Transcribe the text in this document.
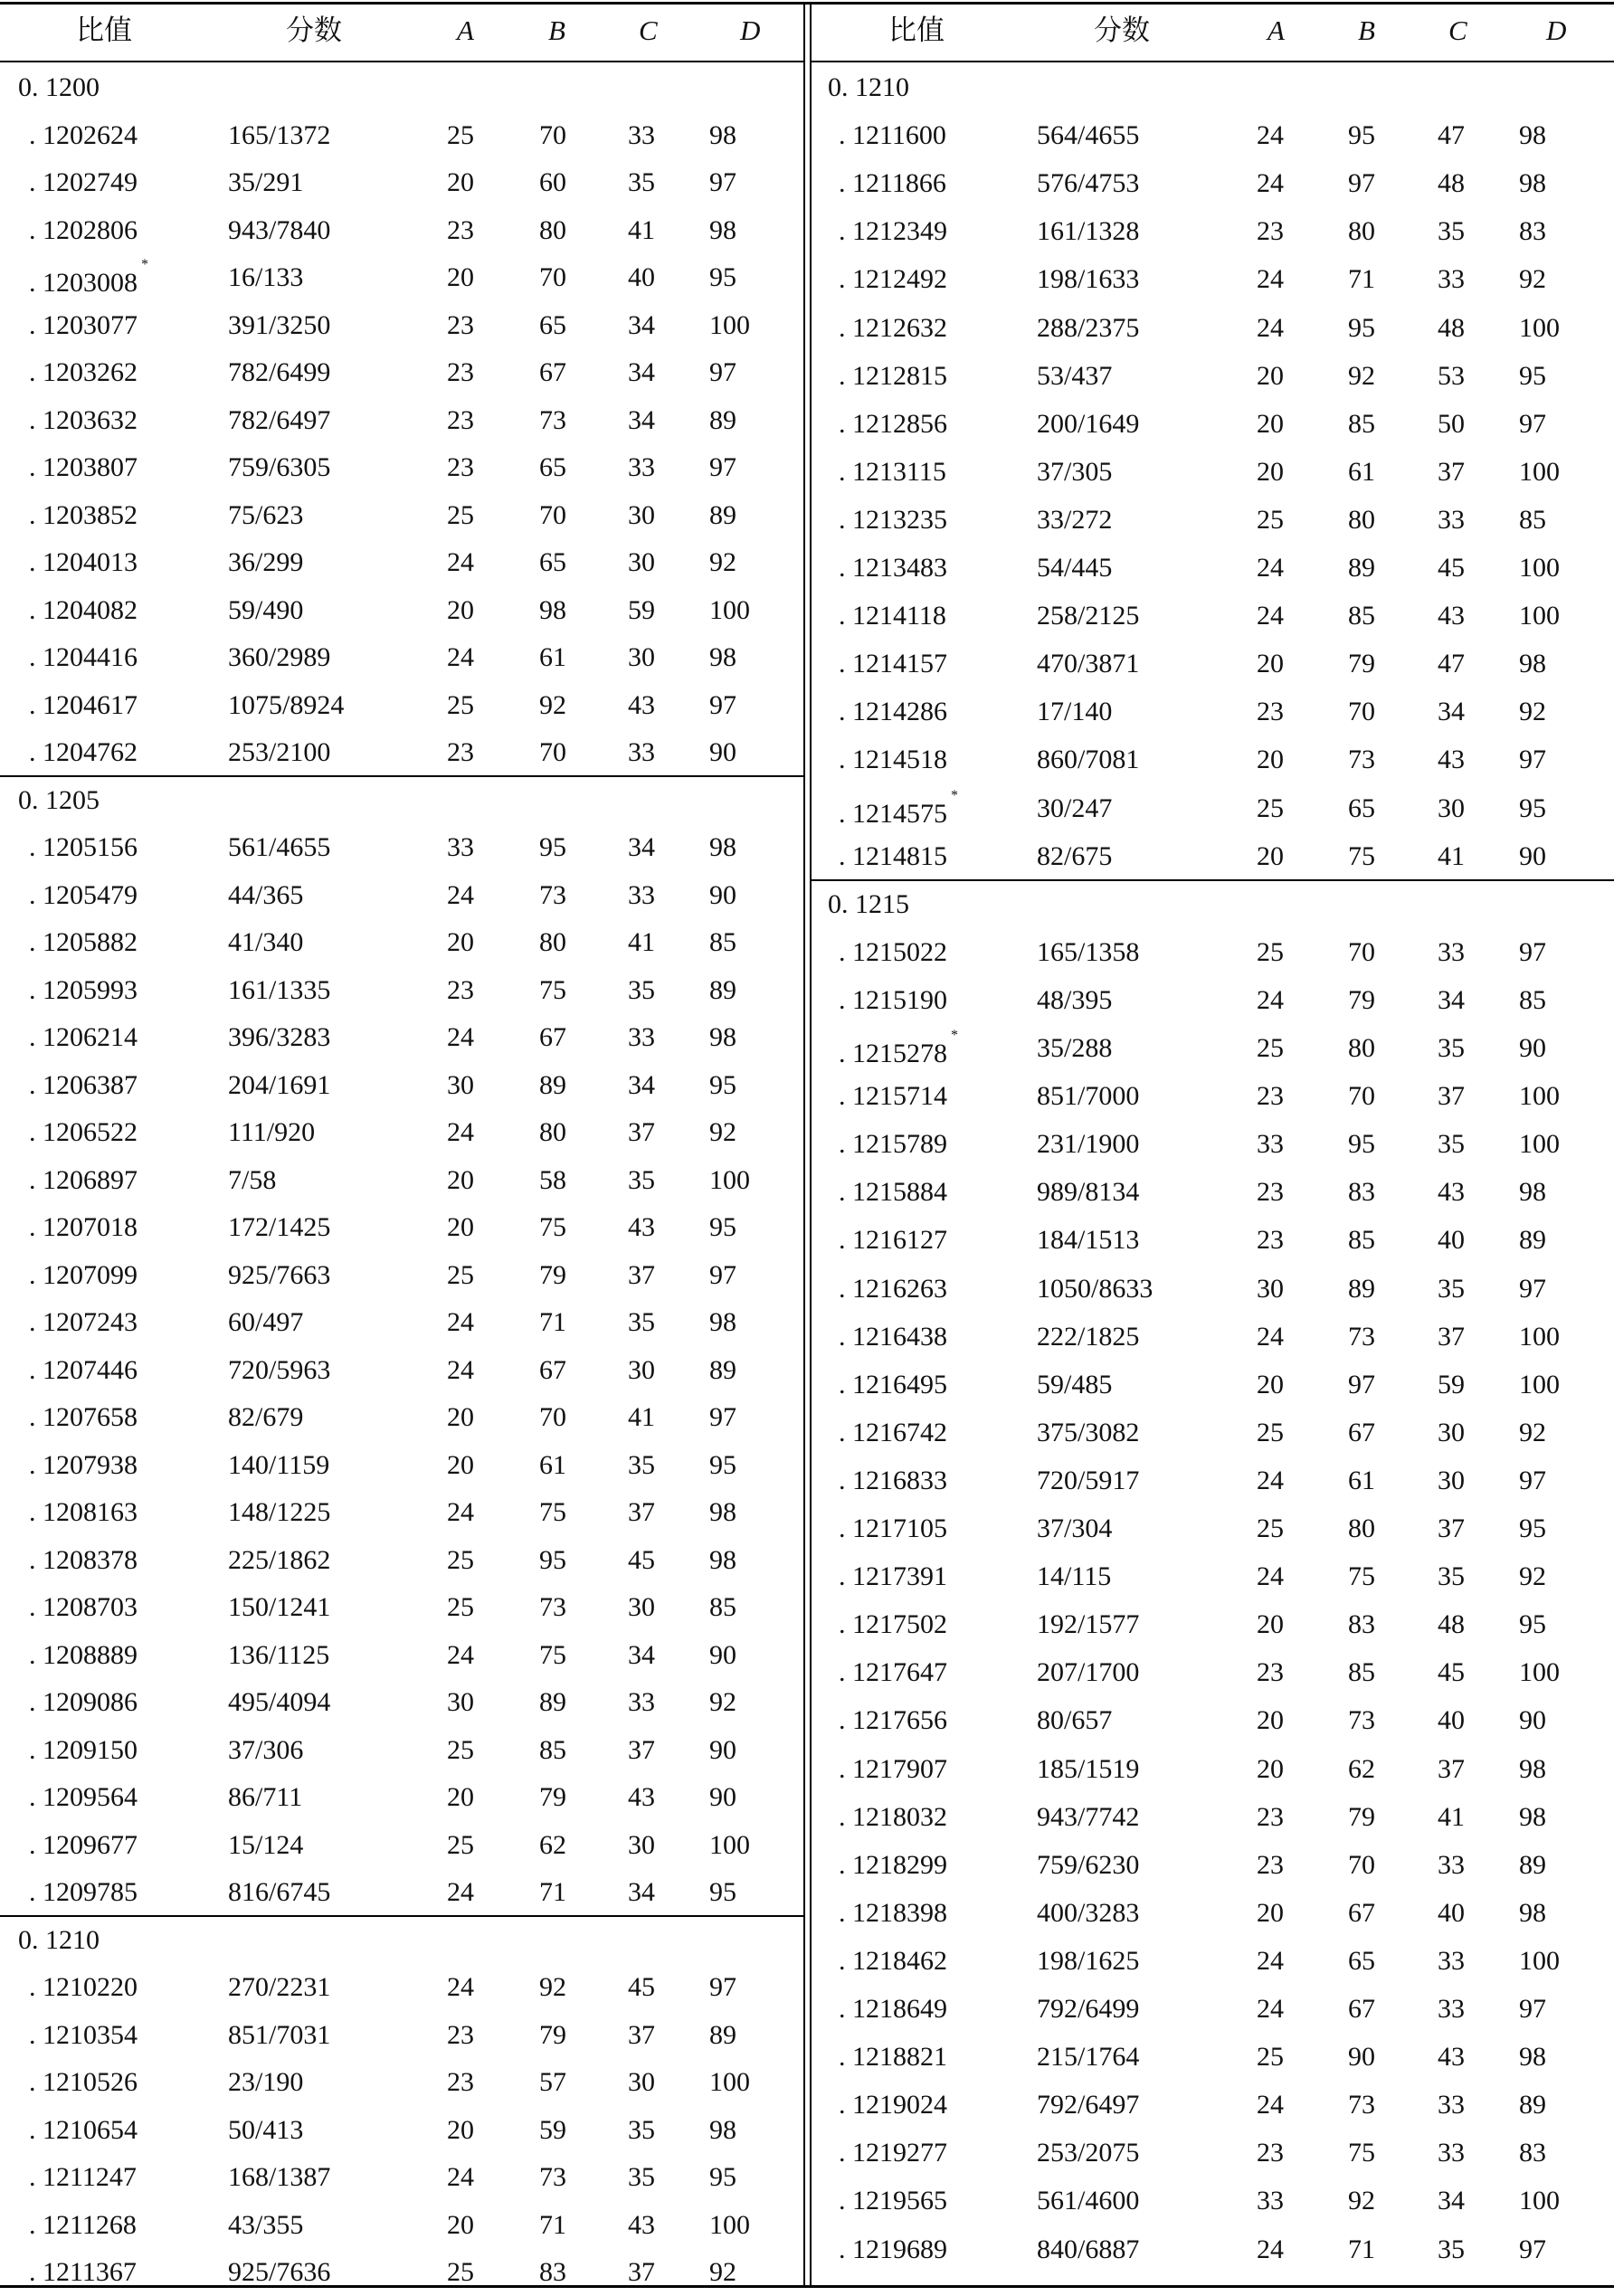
比值	分数	A	B	C	D
0. 1200
. 1202624	165/1372	25 70 33 98
. 1202749	35/291	20 60 35 97
. 1202806	943/7840	23 80 41 98
. 1203008*	16/133	20 70 40 95
. 1203077	391/3250	23 65 34 100
. 1203262	782/6499	23 67 34 97
. 1203632	782/6497	23 73 34 89
. 1203807	759/6305	23 65 33 97
. 1203852	75/623	25 70 30 89
. 1204013	36/299	24 65 30 92
. 1204082	59/490	20 98 59 100
. 1204416	360/2989	24 61 30 98
. 1204617	1075/8924	25 92 43 97
. 1204762	253/2100	23 70 33 90
0. 1205
. 1205156	561/4655	33 95 34 98
. 1205479	44/365	24 73 33 90
. 1205882	41/340	20 80 41 85
. 1205993	161/1335	23 75 35 89
. 1206214	396/3283	24 67 33 98
. 1206387	204/1691	30 89 34 95
. 1206522	111/920	24 80 37 92
. 1206897	7/58	20 58 35 100
. 1207018	172/1425	20 75 43 95
. 1207099	925/7663	25 79 37 97
. 1207243	60/497	24 71 35 98
. 1207446	720/5963	24 67 30 89
. 1207658	82/679	20 70 41 97
. 1207938	140/1159	20 61 35 95
. 1208163	148/1225	24 75 37 98
. 1208378	225/1862	25 95 45 98
. 1208703	150/1241	25 73 30 85
. 1208889	136/1125	24 75 34 90
. 1209086	495/4094	30 89 33 92
. 1209150	37/306	25 85 37 90
. 1209564	86/711	20 79 43 90
. 1209677	15/124	25 62 30 100
. 1209785	816/6745	24 71 34 95
0. 1210
. 1210220	270/2231	24 92 45 97
. 1210354	851/7031	23 79 37 89
. 1210526	23/190	23 57 30 100
. 1210654	50/413	20 59 35 98
. 1211247	168/1387	24 73 35 95
. 1211268	43/355	20 71 43 100
. 1211367	925/7636	25 83 37 92
比值	分数	A	B	C	D
0. 1210
. 1211600	564/4655	24 95 47 98
. 1211866	576/4753	24 97 48 98
. 1212349	161/1328	23 80 35 83
. 1212492	198/1633	24 71 33 92
. 1212632	288/2375	24 95 48 100
. 1212815	53/437	20 92 53 95
. 1212856	200/1649	20 85 50 97
. 1213115	37/305	20 61 37 100
. 1213235	33/272	25 80 33 85
. 1213483	54/445	24 89 45 100
. 1214118	258/2125	24 85 43 100
. 1214157	470/3871	20 79 47 98
. 1214286	17/140	23 70 34 92
. 1214518	860/7081	20 73 43 97
. 1214575*	30/247	25 65 30 95
. 1214815	82/675	20 75 41 90
0. 1215
. 1215022	165/1358	25 70 33 97
. 1215190	48/395	24 79 34 85
. 1215278*	35/288	25 80 35 90
. 1215714	851/7000	23 70 37 100
. 1215789	231/1900	33 95 35 100
. 1215884	989/8134	23 83 43 98
. 1216127	184/1513	23 85 40 89
. 1216263	1050/8633	30 89 35 97
. 1216438	222/1825	24 73 37 100
. 1216495	59/485	20 97 59 100
. 1216742	375/3082	25 67 30 92
. 1216833	720/5917	24 61 30 97
. 1217105	37/304	25 80 37 95
. 1217391	14/115	24 75 35 92
. 1217502	192/1577	20 83 48 95
. 1217647	207/1700	23 85 45 100
. 1217656	80/657	20 73 40 90
. 1217907	185/1519	20 62 37 98
. 1218032	943/7742	23 79 41 98
. 1218299	759/6230	23 70 33 89
. 1218398	400/3283	20 67 40 98
. 1218462	198/1625	24 65 33 100
. 1218649	792/6499	24 67 33 97
. 1218821	215/1764	25 90 43 98
. 1219024	792/6497	24 73 33 89
. 1219277	253/2075	23 75 33 83
. 1219565	561/4600	33 92 34 100
. 1219689	840/6887	24 71 35 97
